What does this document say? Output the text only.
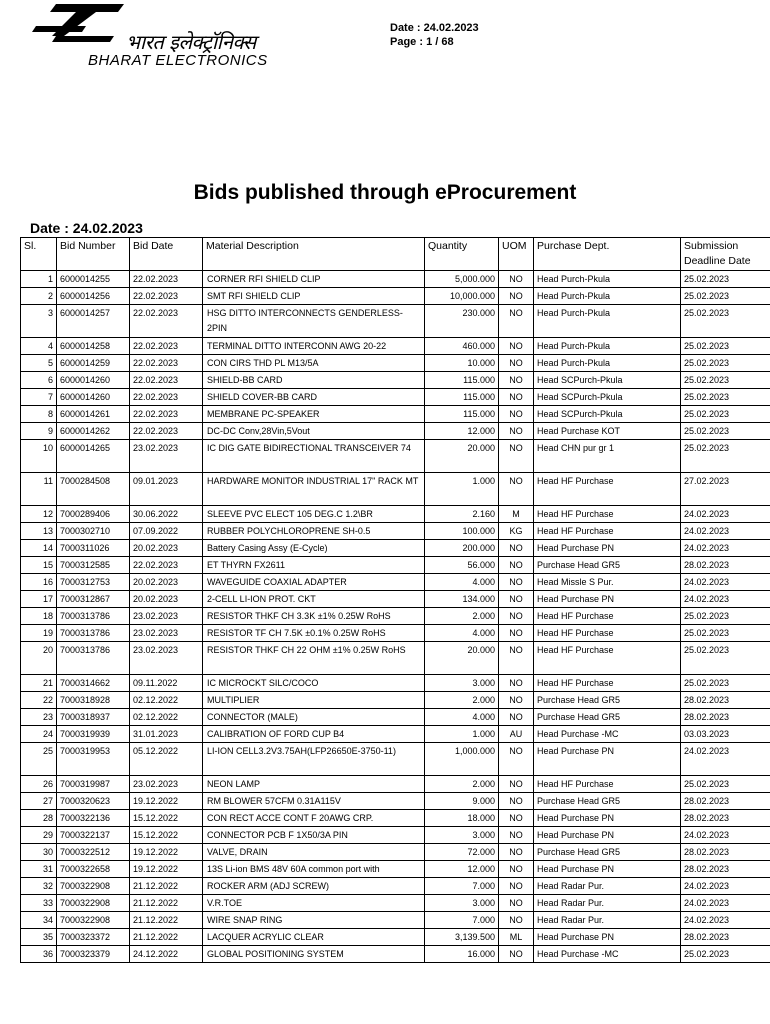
भारत इलेक्ट्रॉनिक्स
BHARAT ELECTRONICS
Date : 24.02.2023
Page : 1 / 68
Bids published through eProcurement
Date : 24.02.2023
Sl.	Bid Number	Bid Date	Material Description	Quantity	UOM	Purchase Dept.	Submission Deadline Date
1	6000014255	22.02.2023	CORNER RFI SHIELD CLIP	5,000.000	NO	Head Purch-Pkula	25.02.2023
2	6000014256	22.02.2023	SMT RFI SHIELD CLIP	10,000.000	NO	Head Purch-Pkula	25.02.2023
3	6000014257	22.02.2023	HSG DITTO INTERCONNECTS GENDERLESS-2PIN	230.000	NO	Head Purch-Pkula	25.02.2023
4	6000014258	22.02.2023	TERMINAL DITTO INTERCONN AWG 20-22	460.000	NO	Head Purch-Pkula	25.02.2023
5	6000014259	22.02.2023	CON CIRS THD PL M13/5A	10.000	NO	Head Purch-Pkula	25.02.2023
6	6000014260	22.02.2023	SHIELD-BB CARD	115.000	NO	Head SCPurch-Pkula	25.02.2023
7	6000014260	22.02.2023	SHIELD COVER-BB CARD	115.000	NO	Head SCPurch-Pkula	25.02.2023
8	6000014261	22.02.2023	MEMBRANE PC-SPEAKER	115.000	NO	Head SCPurch-Pkula	25.02.2023
9	6000014262	22.02.2023	DC-DC Conv,28Vin,5Vout	12.000	NO	Head Purchase KOT	25.02.2023
10	6000014265	23.02.2023	IC DIG GATE BIDIRECTIONAL TRANSCEIVER 74	20.000	NO	Head CHN pur gr 1	25.02.2023
11	7000284508	09.01.2023	HARDWARE MONITOR INDUSTRIAL 17" RACK MT	1.000	NO	Head HF Purchase	27.02.2023
12	7000289406	30.06.2022	SLEEVE PVC ELECT 105 DEG.C 1.2\BR	2.160	M	Head HF Purchase	24.02.2023
13	7000302710	07.09.2022	RUBBER POLYCHLOROPRENE SH-0.5	100.000	KG	Head HF Purchase	24.02.2023
14	7000311026	20.02.2023	Battery Casing Assy (E-Cycle)	200.000	NO	Head Purchase PN	24.02.2023
15	7000312585	22.02.2023	ET THYRN FX2611	56.000	NO	Purchase Head GR5	28.02.2023
16	7000312753	20.02.2023	WAVEGUIDE COAXIAL ADAPTER	4.000	NO	Head Missle S Pur.	24.02.2023
17	7000312867	20.02.2023	2-CELL LI-ION PROT. CKT	134.000	NO	Head Purchase PN	24.02.2023
18	7000313786	23.02.2023	RESISTOR THKF CH 3.3K ±1% 0.25W RoHS	2.000	NO	Head HF Purchase	25.02.2023
19	7000313786	23.02.2023	RESISTOR TF CH 7.5K ±0.1% 0.25W RoHS	4.000	NO	Head HF Purchase	25.02.2023
20	7000313786	23.02.2023	RESISTOR THKF CH 22 OHM ±1% 0.25W RoHS	20.000	NO	Head HF Purchase	25.02.2023
21	7000314662	09.11.2022	IC MICROCKT SILC/COCO	3.000	NO	Head HF Purchase	25.02.2023
22	7000318928	02.12.2022	MULTIPLIER	2.000	NO	Purchase Head GR5	28.02.2023
23	7000318937	02.12.2022	CONNECTOR (MALE)	4.000	NO	Purchase Head GR5	28.02.2023
24	7000319939	31.01.2023	CALIBRATION OF FORD CUP B4	1.000	AU	Head Purchase -MC	03.03.2023
25	7000319953	05.12.2022	LI-ION CELL3.2V3.75AH(LFP26650E-3750-11)	1,000.000	NO	Head Purchase PN	24.02.2023
26	7000319987	23.02.2023	NEON LAMP	2.000	NO	Head HF Purchase	25.02.2023
27	7000320623	19.12.2022	RM BLOWER 57CFM 0.31A115V	9.000	NO	Purchase Head GR5	28.02.2023
28	7000322136	15.12.2022	CON RECT ACCE CONT F 20AWG CRP.	18.000	NO	Head Purchase PN	28.02.2023
29	7000322137	15.12.2022	CONNECTOR PCB F 1X50/3A PIN	3.000	NO	Head Purchase PN	24.02.2023
30	7000322512	19.12.2022	VALVE, DRAIN	72.000	NO	Purchase Head GR5	28.02.2023
31	7000322658	19.12.2022	13S Li-ion BMS 48V 60A common port with	12.000	NO	Head Purchase PN	28.02.2023
32	7000322908	21.12.2022	ROCKER ARM (ADJ SCREW)	7.000	NO	Head Radar Pur.	24.02.2023
33	7000322908	21.12.2022	V.R.TOE	3.000	NO	Head Radar Pur.	24.02.2023
34	7000322908	21.12.2022	WIRE SNAP RING	7.000	NO	Head Radar Pur.	24.02.2023
35	7000323372	21.12.2022	LACQUER ACRYLIC CLEAR	3,139.500	ML	Head Purchase PN	28.02.2023
36	7000323379	24.12.2022	GLOBAL POSITIONING SYSTEM	16.000	NO	Head Purchase -MC	25.02.2023
